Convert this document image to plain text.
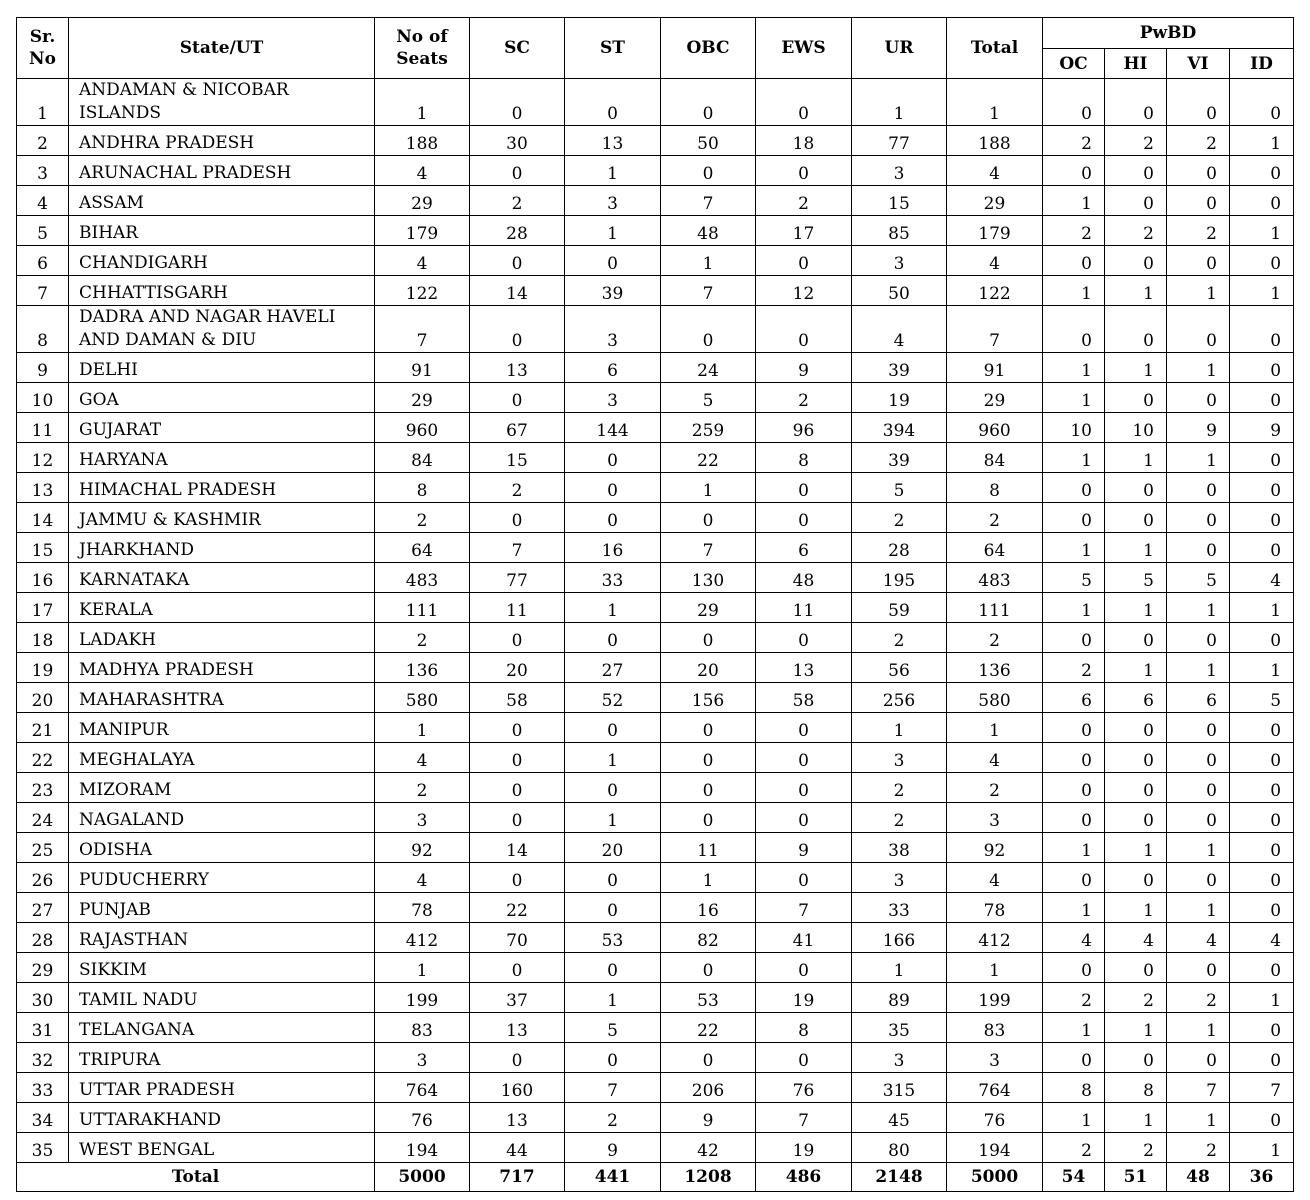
Sr. No	State/UT	No of Seats	SC	ST	OBC	EWS	UR	Total	PwBD			
									OC	HI	VI	ID
1	ANDAMAN & NICOBAR ISLANDS	1	0	0	0	0	1	1	0	0	0	0
2	ANDHRA PRADESH	188	30	13	50	18	77	188	2	2	2	1
3	ARUNACHAL PRADESH	4	0	1	0	0	3	4	0	0	0	0
4	ASSAM	29	2	3	7	2	15	29	1	0	0	0
5	BIHAR	179	28	1	48	17	85	179	2	2	2	1
6	CHANDIGARH	4	0	0	1	0	3	4	0	0	0	0
7	CHHATTISGARH	122	14	39	7	12	50	122	1	1	1	1
8	DADRA AND NAGAR HAVELI AND DAMAN & DIU	7	0	3	0	0	4	7	0	0	0	0
9	DELHI	91	13	6	24	9	39	91	1	1	1	0
10	GOA	29	0	3	5	2	19	29	1	0	0	0
11	GUJARAT	960	67	144	259	96	394	960	10	10	9	9
12	HARYANA	84	15	0	22	8	39	84	1	1	1	0
13	HIMACHAL PRADESH	8	2	0	1	0	5	8	0	0	0	0
14	JAMMU & KASHMIR	2	0	0	0	0	2	2	0	0	0	0
15	JHARKHAND	64	7	16	7	6	28	64	1	1	0	0
16	KARNATAKA	483	77	33	130	48	195	483	5	5	5	4
17	KERALA	111	11	1	29	11	59	111	1	1	1	1
18	LADAKH	2	0	0	0	0	2	2	0	0	0	0
19	MADHYA PRADESH	136	20	27	20	13	56	136	2	1	1	1
20	MAHARASHTRA	580	58	52	156	58	256	580	6	6	6	5
21	MANIPUR	1	0	0	0	0	1	1	0	0	0	0
22	MEGHALAYA	4	0	1	0	0	3	4	0	0	0	0
23	MIZORAM	2	0	0	0	0	2	2	0	0	0	0
24	NAGALAND	3	0	1	0	0	2	3	0	0	0	0
25	ODISHA	92	14	20	11	9	38	92	1	1	1	0
26	PUDUCHERRY	4	0	0	1	0	3	4	0	0	0	0
27	PUNJAB	78	22	0	16	7	33	78	1	1	1	0
28	RAJASTHAN	412	70	53	82	41	166	412	4	4	4	4
29	SIKKIM	1	0	0	0	0	1	1	0	0	0	0
30	TAMIL NADU	199	37	1	53	19	89	199	2	2	2	1
31	TELANGANA	83	13	5	22	8	35	83	1	1	1	0
32	TRIPURA	3	0	0	0	0	3	3	0	0	0	0
33	UTTAR PRADESH	764	160	7	206	76	315	764	8	8	7	7
34	UTTARAKHAND	76	13	2	9	7	45	76	1	1	1	0
35	WEST BENGAL	194	44	9	42	19	80	194	2	2	2	1
Total		5000	717	441	1208	486	2148	5000	54	51	48	36
